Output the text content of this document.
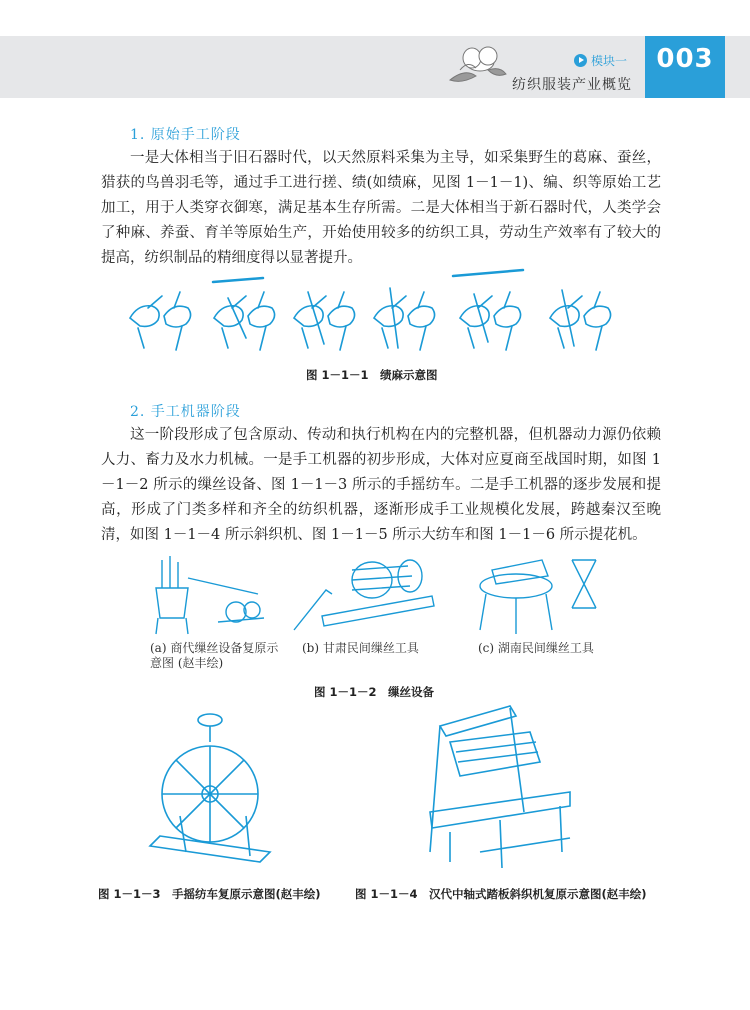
模块一
纺织服装产业概览
003
1. 原始手工阶段

一是大体相当于旧石器时代，以天然原料采集为主导，如采集野生的葛麻、蚕丝，猎获的鸟兽羽毛等，通过手工进行搓、绩(如绩麻，见图 1－1－1)、编、织等原始工艺加工，用于人类穿衣御寒，满足基本生存所需。二是大体相当于新石器时代，人类学会了种麻、养蚕、育羊等原始生产，开始使用较多的纺织工具，劳动生产效率有了较大的提高，纺织制品的精细度得以显著提升。

图 1－1－1　绩麻示意图
2. 手工机器阶段

这一阶段形成了包含原动、传动和执行机构在内的完整机器，但机器动力源仍依赖人力、畜力及水力机械。一是手工机器的初步形成，大体对应夏商至战国时期，如图 1－1－2 所示的缫丝设备、图 1－1－3 所示的手摇纺车。二是手工机器的逐步发展和提高，形成了门类多样和齐全的纺织机器，逐渐形成手工业规模化发展，跨越秦汉至晚清，如图 1－1－4 所示斜织机、图 1－1－5 所示大纺车和图 1－1－6 所示提花机。

(a) 商代缫丝设备复原示意图 (赵丰绘)
(b) 甘肃民间缫丝工具	(c) 湖南民间缫丝工具
图 1－1－2　缫丝设备
图 1－1－3　手摇纺车复原示意图(赵丰绘)	图 1－1－4　汉代中轴式踏板斜织机复原示意图(赵丰绘)
